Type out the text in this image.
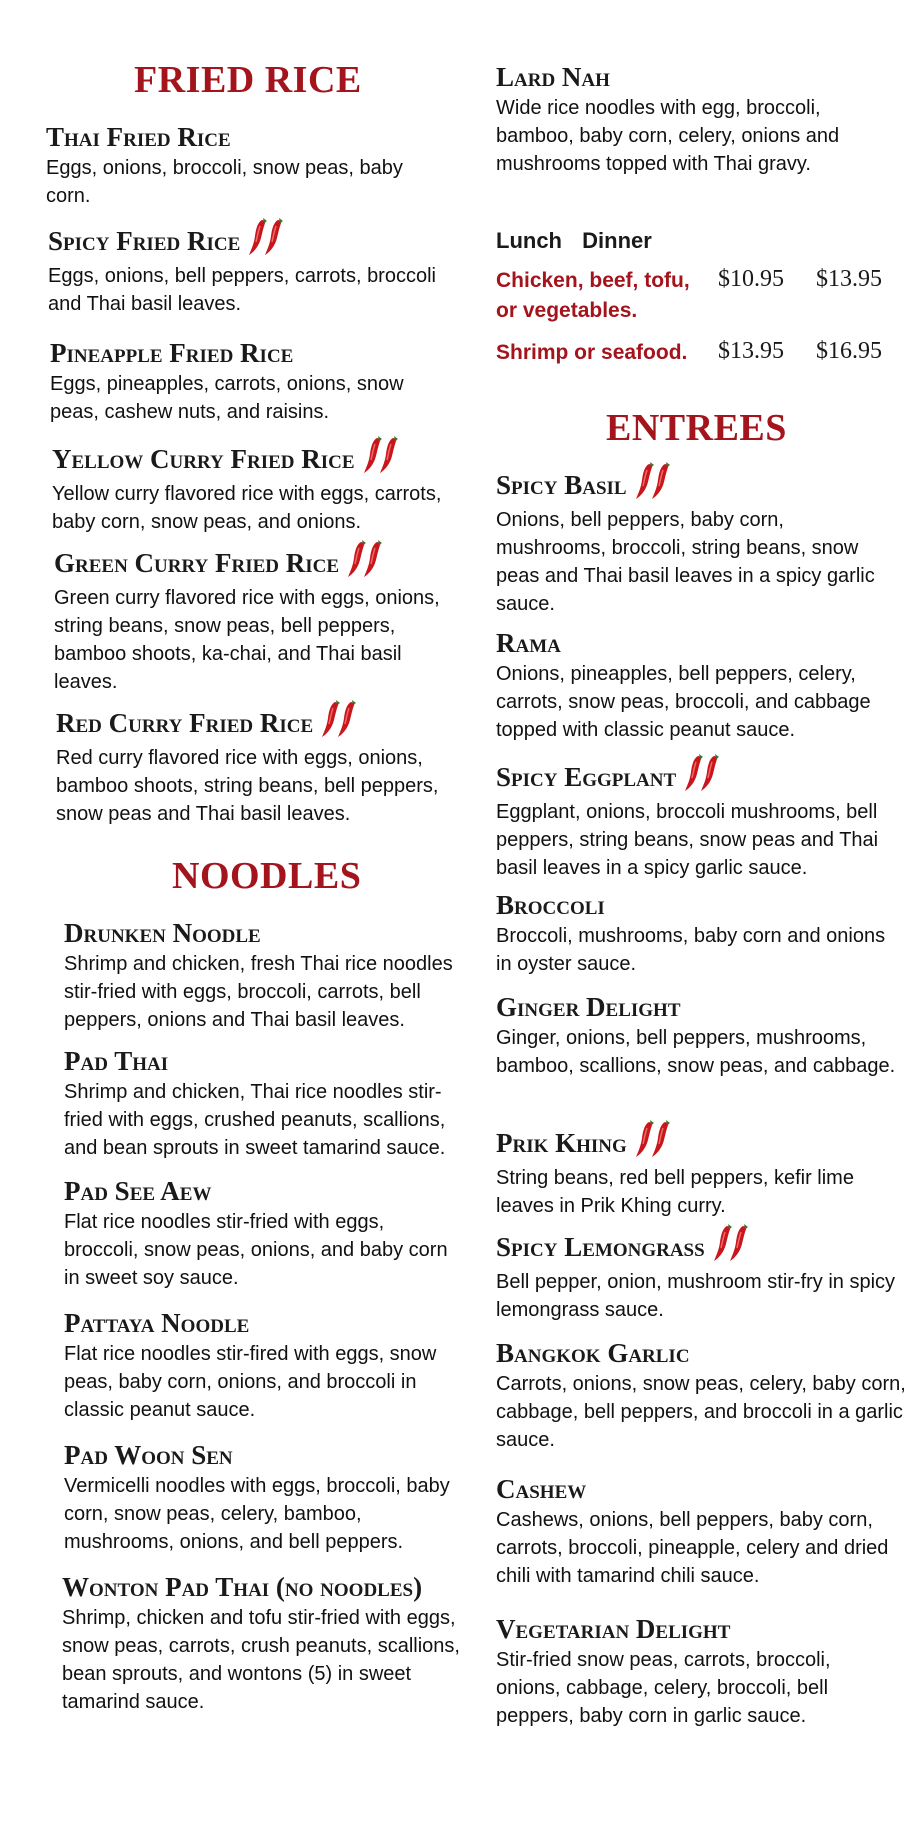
FRIED RICE
Thai Fried Rice
Eggs, onions, broccoli, snow peas, baby corn.
Spicy Fried Rice
Eggs, onions, bell peppers, carrots, broccoli and Thai basil leaves.
Pineapple Fried Rice
Eggs, pineapples, carrots, onions, snow peas, cashew nuts, and raisins.
Yellow Curry Fried Rice
Yellow curry flavored rice with eggs, carrots, baby corn, snow peas, and onions.
Green Curry Fried Rice
Green curry flavored rice with eggs, onions, string beans, snow peas, bell peppers, bamboo shoots, ka-chai, and Thai basil leaves.
Red Curry Fried Rice
Red curry flavored rice with eggs, onions, bamboo shoots, string beans, bell peppers, snow peas and Thai basil leaves.
NOODLES
Drunken Noodle
Shrimp and chicken, fresh Thai rice noodles stir-fried with eggs, broccoli, carrots, bell peppers, onions and Thai basil leaves.
Pad Thai
Shrimp and chicken, Thai rice noodles stir-fried with eggs, crushed peanuts, scallions, and bean sprouts in sweet tamarind sauce.
Pad See Aew
Flat rice noodles stir-fried with eggs, broccoli, snow peas, onions, and baby corn in sweet soy sauce.
Pattaya Noodle
Flat rice noodles stir-fired with eggs, snow peas, baby corn, onions, and broccoli in classic peanut sauce.
Pad Woon Sen
Vermicelli noodles with eggs, broccoli, baby corn, snow peas, celery, bamboo, mushrooms, onions, and bell peppers.
Wonton Pad Thai (no noodles)
Shrimp, chicken and tofu stir-fried with eggs, snow peas, carrots, crush peanuts, scallions, bean sprouts, and wontons (5) in sweet tamarind sauce.
Lard Nah
Wide rice noodles with egg, broccoli, bamboo, baby corn, celery, onions and mushrooms topped with Thai gravy.
Lunch Dinner
Chicken, beef, tofu, or vegetables.
$10.95 $13.95
Shrimp or seafood.	$13.95 $16.95
ENTREES
Spicy Basil
Onions, bell peppers, baby corn, mushrooms, broccoli, string beans, snow peas and Thai basil leaves in a spicy garlic sauce.
Rama
Onions, pineapples, bell peppers, celery, carrots, snow peas, broccoli, and cabbage topped with classic peanut sauce.
Spicy Eggplant
Eggplant, onions, broccoli mushrooms, bell peppers, string beans, snow peas and Thai basil leaves in a spicy garlic sauce.
Broccoli
Broccoli, mushrooms, baby corn and onions in oyster sauce.
Ginger Delight
Ginger, onions, bell peppers, mushrooms, bamboo, scallions, snow peas, and cabbage.
Prik Khing
String beans, red bell peppers, kefir lime leaves in Prik Khing curry.
Spicy Lemongrass
Bell pepper, onion, mushroom stir-fry in spicy lemongrass sauce.
Bangkok Garlic
Carrots, onions, snow peas, celery, baby corn, cabbage, bell peppers, and broccoli in a garlic sauce.
Cashew
Cashews, onions, bell peppers, baby corn, carrots, broccoli, pineapple, celery and dried chili with tamarind chili sauce.
Vegetarian Delight
Stir-fried snow peas, carrots, broccoli, onions, cabbage, celery, broccoli, bell peppers, baby corn in garlic sauce.
